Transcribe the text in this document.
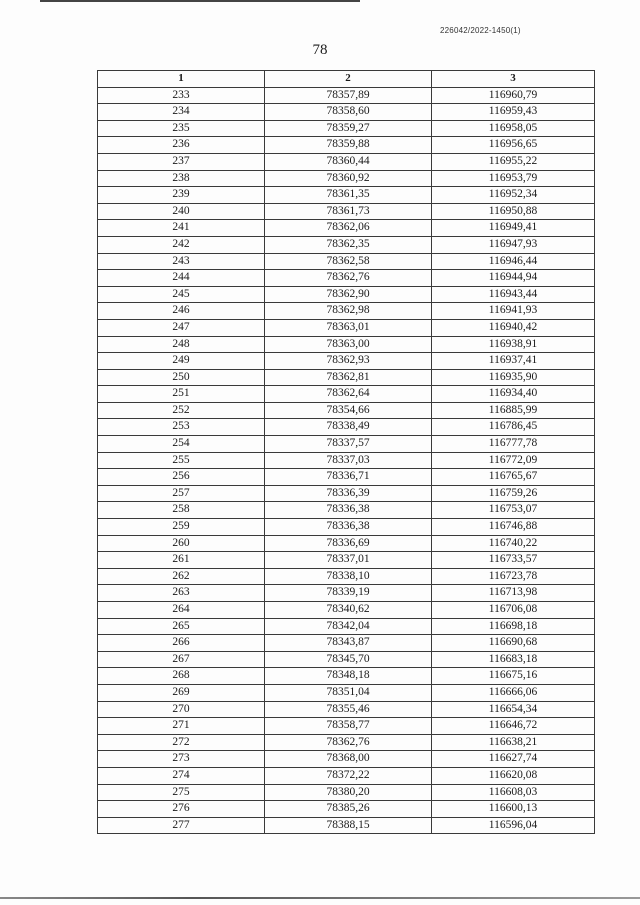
226042/2022-1450(1)
78
1	2	3
233	78357,89	116960,79
234	78358,60	116959,43
235	78359,27	116958,05
236	78359,88	116956,65
237	78360,44	116955,22
238	78360,92	116953,79
239	78361,35	116952,34
240	78361,73	116950,88
241	78362,06	116949,41
242	78362,35	116947,93
243	78362,58	116946,44
244	78362,76	116944,94
245	78362,90	116943,44
246	78362,98	116941,93
247	78363,01	116940,42
248	78363,00	116938,91
249	78362,93	116937,41
250	78362,81	116935,90
251	78362,64	116934,40
252	78354,66	116885,99
253	78338,49	116786,45
254	78337,57	116777,78
255	78337,03	116772,09
256	78336,71	116765,67
257	78336,39	116759,26
258	78336,38	116753,07
259	78336,38	116746,88
260	78336,69	116740,22
261	78337,01	116733,57
262	78338,10	116723,78
263	78339,19	116713,98
264	78340,62	116706,08
265	78342,04	116698,18
266	78343,87	116690,68
267	78345,70	116683,18
268	78348,18	116675,16
269	78351,04	116666,06
270	78355,46	116654,34
271	78358,77	116646,72
272	78362,76	116638,21
273	78368,00	116627,74
274	78372,22	116620,08
275	78380,20	116608,03
276	78385,26	116600,13
277	78388,15	116596,04
